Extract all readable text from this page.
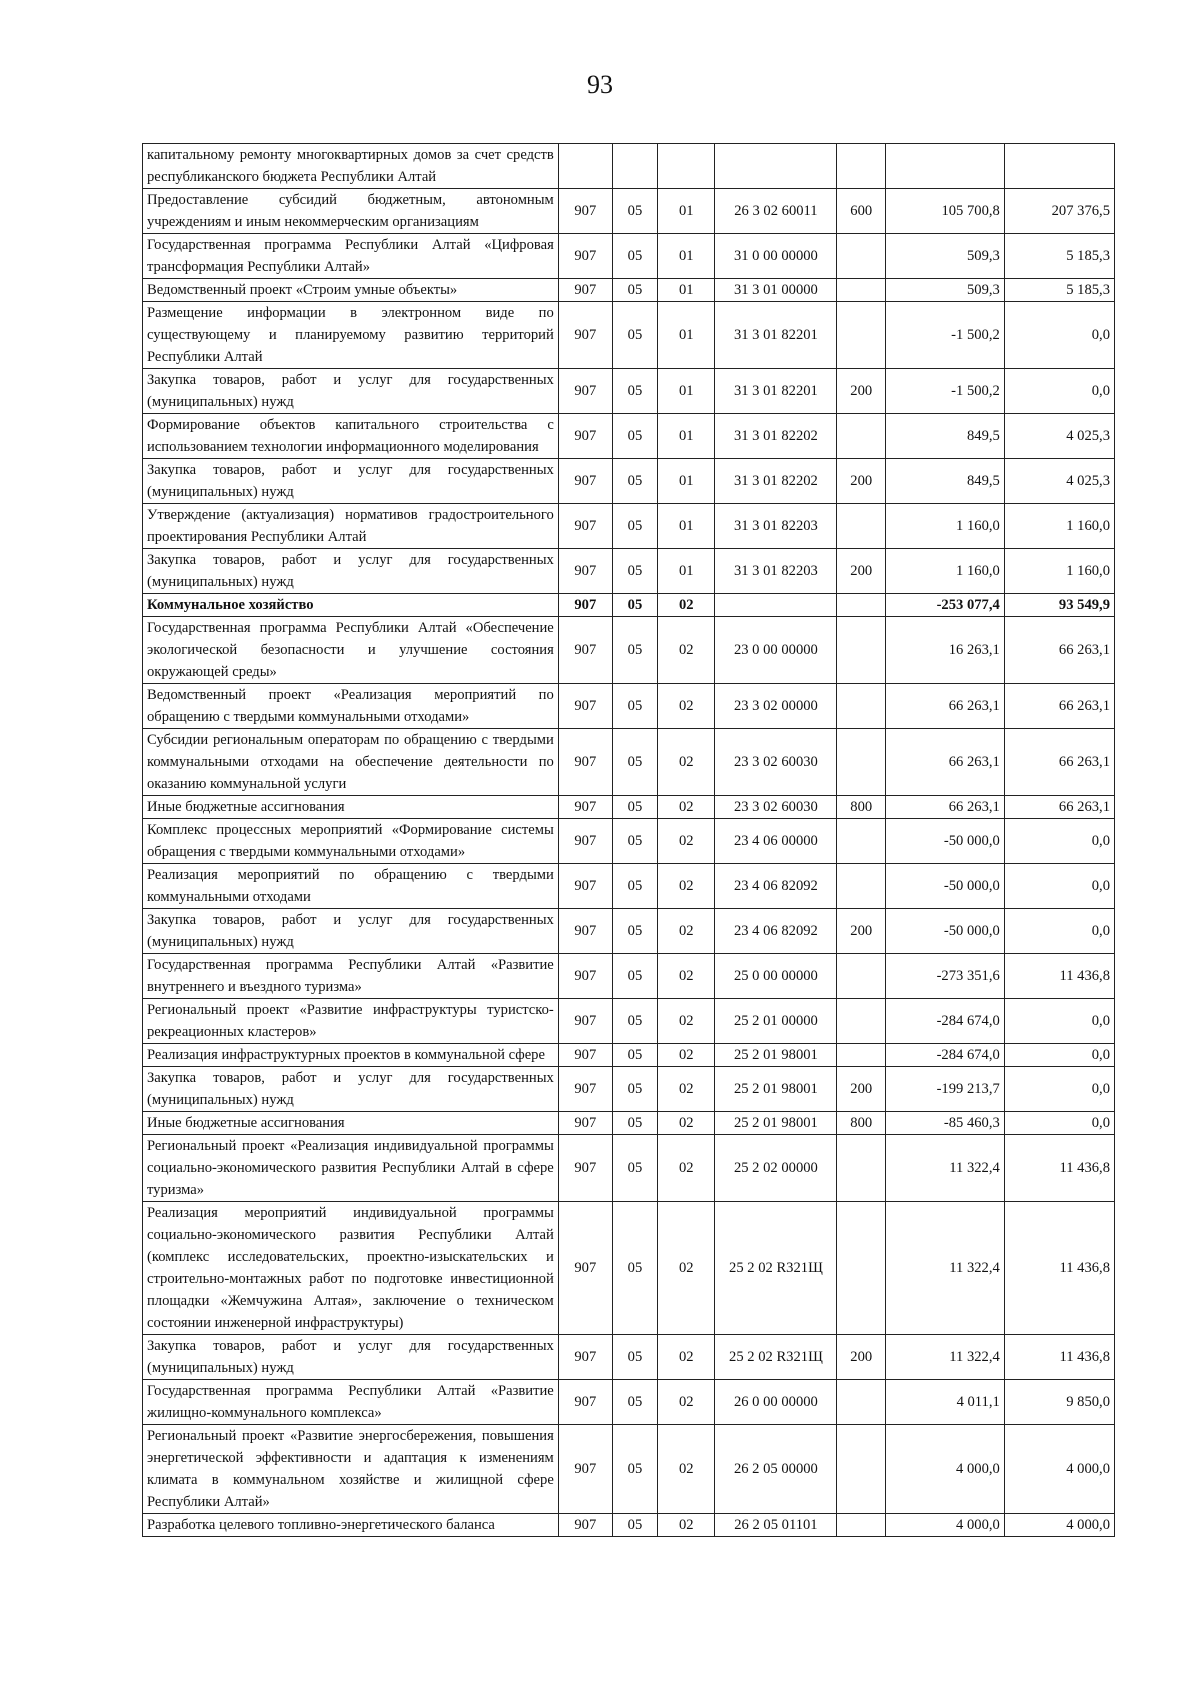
93
капитальному ремонту многоквартирных домов за счет средств республиканского бюджета Республики Алтай							
Предоставление субсидий бюджетным, автономным учреждениям и иным некоммерческим организациям	907	05	01	26 3 02 60011	600	105 700,8	207 376,5
Государственная программа Республики Алтай «Цифровая трансформация Республики Алтай»	907	05	01	31 0 00 00000		509,3	5 185,3
Ведомственный проект «Строим умные объекты»	907	05	01	31 3 01 00000		509,3	5 185,3
Размещение информации в электронном виде по существующему и планируемому развитию территорий Республики Алтай	907	05	01	31 3 01 82201		-1 500,2	0,0
Закупка товаров, работ и услуг для государственных (муниципальных) нужд	907	05	01	31 3 01 82201	200	-1 500,2	0,0
Формирование объектов капитального строительства с использованием технологии информационного моделирования	907	05	01	31 3 01 82202		849,5	4 025,3
Закупка товаров, работ и услуг для государственных (муниципальных) нужд	907	05	01	31 3 01 82202	200	849,5	4 025,3
Утверждение (актуализация) нормативов градостроительного проектирования Республики Алтай	907	05	01	31 3 01 82203		1 160,0	1 160,0
Закупка товаров, работ и услуг для государственных (муниципальных) нужд	907	05	01	31 3 01 82203	200	1 160,0	1 160,0
Коммунальное хозяйство	907	05	02			-253 077,4	93 549,9
Государственная программа Республики Алтай «Обеспечение экологической безопасности и улучшение состояния окружающей среды»	907	05	02	23 0 00 00000		16 263,1	66 263,1
Ведомственный проект «Реализация мероприятий по обращению с твердыми коммунальными отходами»	907	05	02	23 3 02 00000		66 263,1	66 263,1
Субсидии региональным операторам по обращению с твердыми коммунальными отходами на обеспечение деятельности по оказанию коммунальной услуги	907	05	02	23 3 02 60030		66 263,1	66 263,1
Иные бюджетные ассигнования	907	05	02	23 3 02 60030	800	66 263,1	66 263,1
Комплекс процессных мероприятий «Формирование системы обращения с твердыми коммунальными отходами»	907	05	02	23 4 06 00000		-50 000,0	0,0
Реализация мероприятий по обращению с твердыми коммунальными отходами	907	05	02	23 4 06 82092		-50 000,0	0,0
Закупка товаров, работ и услуг для государственных (муниципальных) нужд	907	05	02	23 4 06 82092	200	-50 000,0	0,0
Государственная программа Республики Алтай «Развитие внутреннего и въездного туризма»	907	05	02	25 0 00 00000		-273 351,6	11 436,8
Региональный проект «Развитие инфраструктуры туристско-рекреационных кластеров»	907	05	02	25 2 01 00000		-284 674,0	0,0
Реализация инфраструктурных проектов в коммунальной сфере	907	05	02	25 2 01 98001		-284 674,0	0,0
Закупка товаров, работ и услуг для государственных (муниципальных) нужд	907	05	02	25 2 01 98001	200	-199 213,7	0,0
Иные бюджетные ассигнования	907	05	02	25 2 01 98001	800	-85 460,3	0,0
Региональный проект «Реализация индивидуальной программы социально-экономического развития Республики Алтай в сфере туризма»	907	05	02	25 2 02 00000		11 322,4	11 436,8
Реализация мероприятий индивидуальной программы социально-экономического развития Республики Алтай (комплекс исследовательских, проектно-изыскательских и строительно-монтажных работ по подготовке инвестиционной площадки «Жемчужина Алтая», заключение о техническом состоянии инженерной инфраструктуры)	907	05	02	25 2 02 R321Щ		11 322,4	11 436,8
Закупка товаров, работ и услуг для государственных (муниципальных) нужд	907	05	02	25 2 02 R321Щ	200	11 322,4	11 436,8
Государственная программа Республики Алтай «Развитие жилищно-коммунального комплекса»	907	05	02	26 0 00 00000		4 011,1	9 850,0
Региональный проект «Развитие энергосбережения, повышения энергетической эффективности и адаптация к изменениям климата в коммунальном хозяйстве и жилищной сфере Республики Алтай»	907	05	02	26 2 05 00000		4 000,0	4 000,0
Разработка целевого топливно-энергетического баланса	907	05	02	26 2 05 01101		4 000,0	4 000,0
